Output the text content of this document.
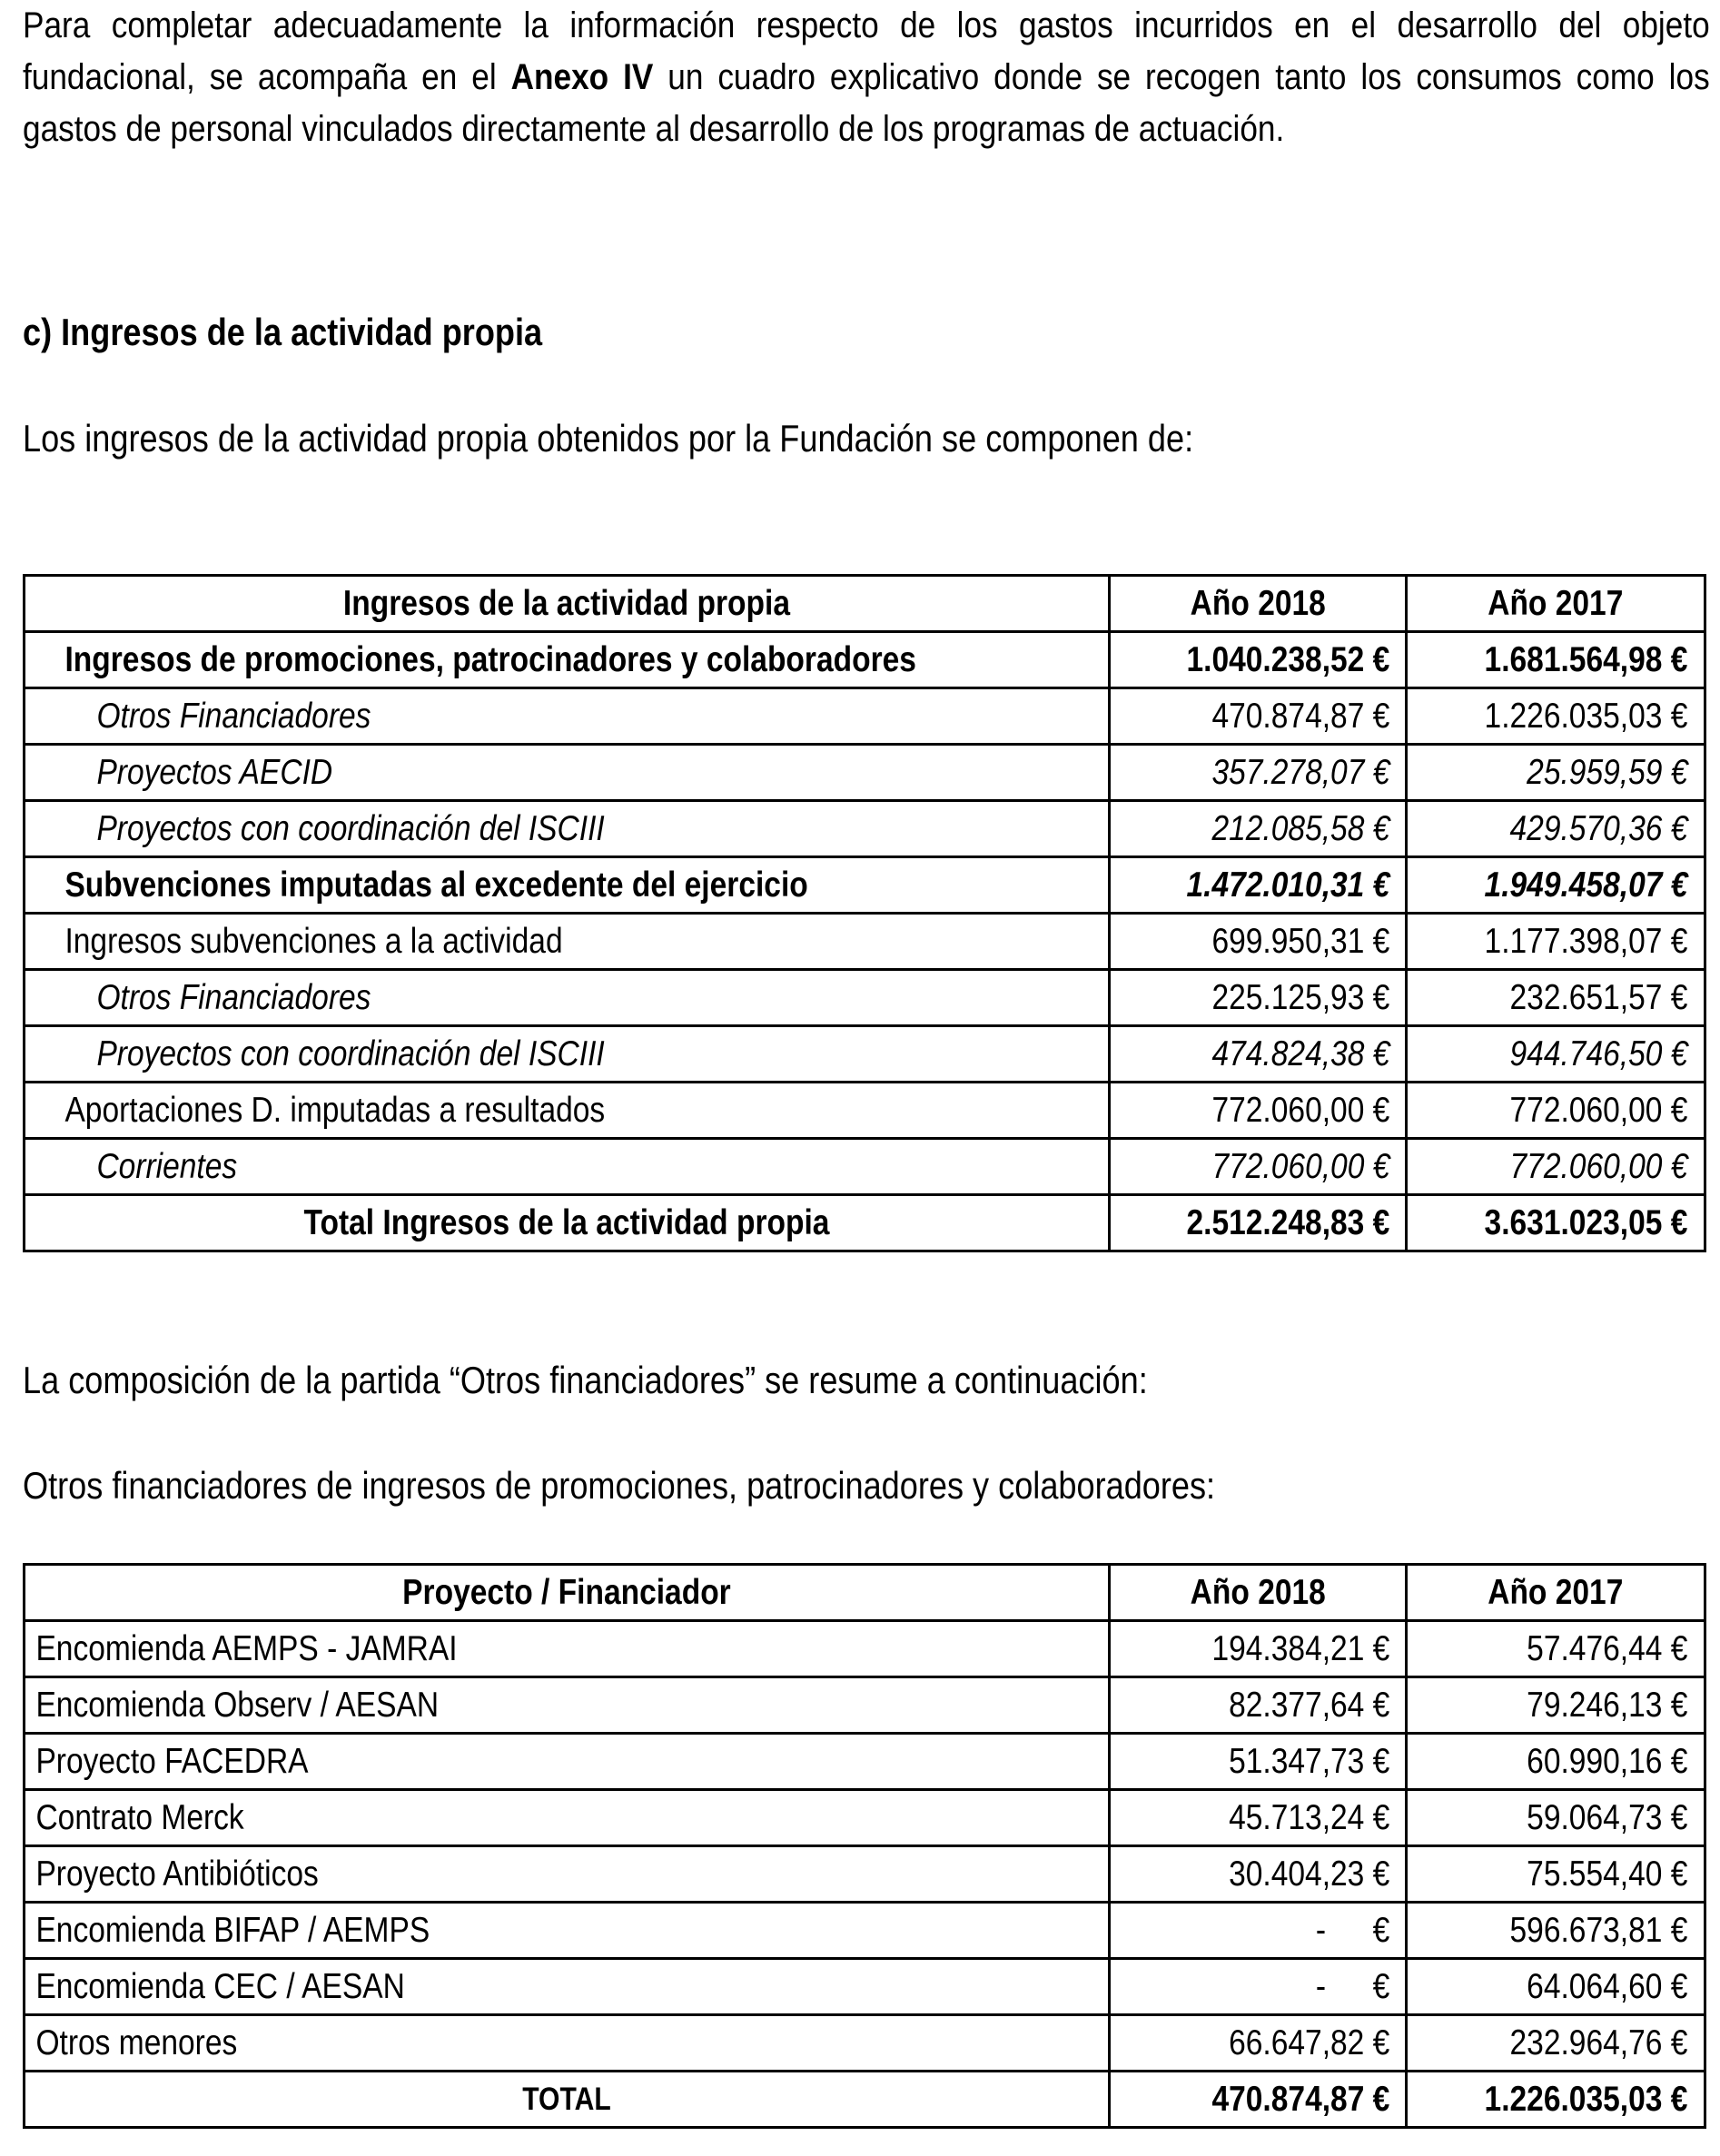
Para completar adecuadamente la información respecto de los gastos incurridos en el desarrollo del objeto fundacional, se acompaña en el Anexo IV un cuadro explicativo donde se recogen tanto los consumos como los gastos de personal vinculados directamente al desarrollo de los programas de actuación.
c) Ingresos de la actividad propia
Los ingresos de la actividad propia obtenidos por la Fundación se componen de:
Ingresos de la actividad propia	Año 2018	Año 2017

Ingresos de promociones, patrocinadores y colaboradores	1.040.238,52 €	1.681.564,98 €

Otros Financiadores	470.874,87 €	1.226.035,03 €

Proyectos AECID	357.278,07 €	25.959,59 €

Proyectos con coordinación del ISCIII	212.085,58 €	429.570,36 €

Subvenciones imputadas al excedente del ejercicio	1.472.010,31 €	1.949.458,07 €

Ingresos subvenciones a la actividad	699.950,31 €	1.177.398,07 €

Otros Financiadores	225.125,93 €	232.651,57 €

Proyectos con coordinación del ISCIII	474.824,38 €	944.746,50 €

Aportaciones D. imputadas a resultados	772.060,00 €	772.060,00 €

Corrientes	772.060,00 €	772.060,00 €

Total Ingresos de la actividad propia	2.512.248,83 €	3.631.023,05 €
La composición de la partida “Otros financiadores” se resume a continuación:
Otros financiadores de ingresos de promociones, patrocinadores y colaboradores:
Proyecto / Financiador	Año 2018	Año 2017

Encomienda AEMPS - JAMRAI	194.384,21 €	57.476,44 €

Encomienda Observ / AESAN	82.377,64 €	79.246,13 €

Proyecto FACEDRA	51.347,73 €	60.990,16 €

Contrato Merck	45.713,24 €	59.064,73 €

Proyecto Antibióticos	30.404,23 €	75.554,40 €

Encomienda BIFAP / AEMPS	- €	596.673,81 €

Encomienda CEC / AESAN	- €	64.064,60 €

Otros menores	66.647,82 €	232.964,76 €

TOTAL	470.874,87 €	1.226.035,03 €
